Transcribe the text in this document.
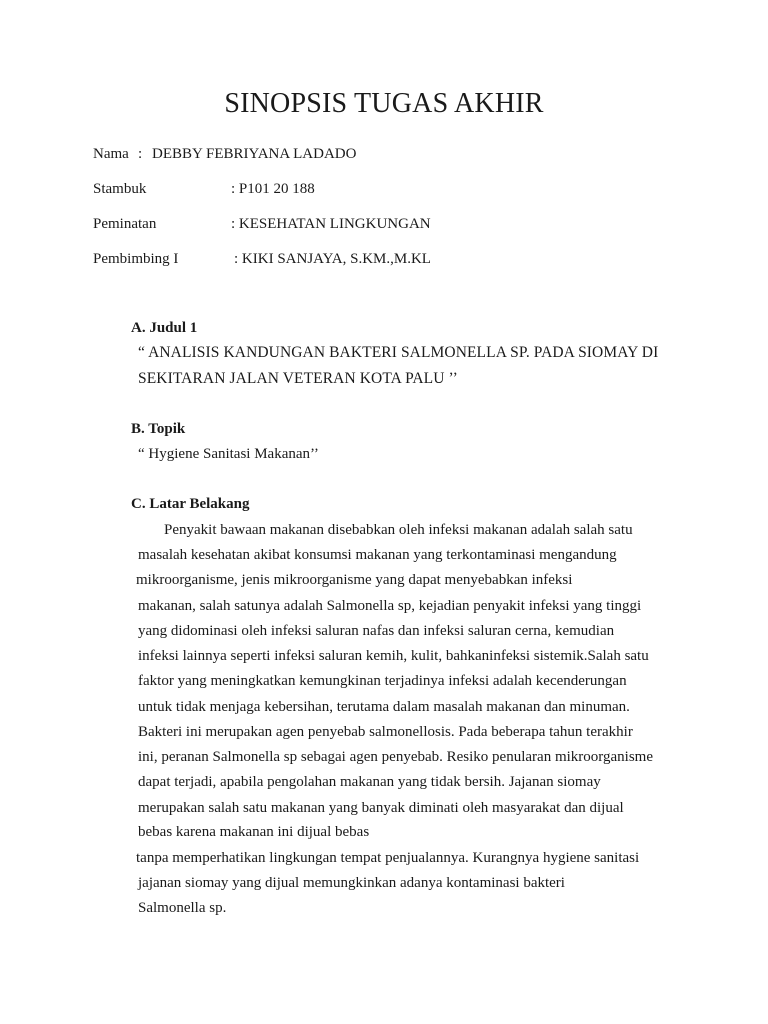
SINOPSIS TUGAS AKHIR
Nama : DEBBY FEBRIYANA LADADO
Stambuk	: P101 20 188
Peminatan	: KESEHATAN LINGKUNGAN
Pembimbing I	: KIKI SANJAYA, S.KM.,M.KL
A. Judul 1
“ ANALISIS KANDUNGAN BAKTERI SALMONELLA SP. PADA SIOMAY DI
SEKITARAN JALAN VETERAN KOTA PALU ’’
B. Topik
“ Hygiene Sanitasi Makanan’’
C. Latar Belakang
Penyakit bawaan makanan disebabkan oleh infeksi makanan adalah salah satu
masalah kesehatan akibat konsumsi makanan yang terkontaminasi mengandung
mikroorganisme, jenis mikroorganisme yang dapat menyebabkan infeksi
makanan, salah satunya adalah Salmonella sp, kejadian penyakit infeksi yang tinggi
yang didominasi oleh infeksi saluran nafas dan infeksi saluran cerna, kemudian
infeksi lainnya seperti infeksi saluran kemih, kulit, bahkaninfeksi sistemik.Salah satu
faktor yang meningkatkan kemungkinan terjadinya infeksi adalah kecenderungan
untuk tidak menjaga kebersihan, terutama dalam masalah makanan dan minuman.
Bakteri ini merupakan agen penyebab salmonellosis. Pada beberapa tahun terakhir
ini, peranan Salmonella sp sebagai agen penyebab. Resiko penularan mikroorganisme
dapat terjadi, apabila pengolahan makanan yang tidak bersih. Jajanan siomay
merupakan salah satu makanan yang banyak diminati oleh masyarakat dan dijual
bebas karena makanan ini dijual bebas
tanpa memperhatikan lingkungan tempat penjualannya. Kurangnya hygiene sanitasi
jajanan siomay yang dijual memungkinkan adanya kontaminasi bakteri
Salmonella sp.
